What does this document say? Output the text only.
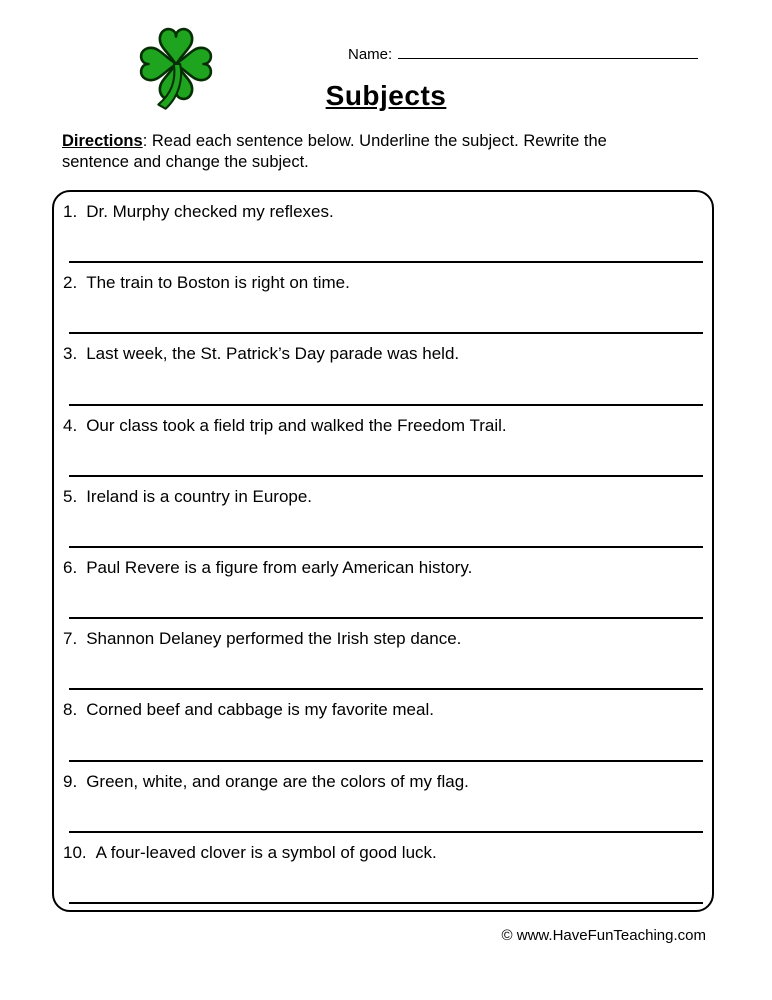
Name:
Subjects
Directions: Read each sentence below. Underline the subject. Rewrite the sentence and change the subject.
1. Dr. Murphy checked my reflexes.
2. The train to Boston is right on time.
3. Last week, the St. Patrick’s Day parade was held.
4. Our class took a field trip and walked the Freedom Trail.
5. Ireland is a country in Europe.
6. Paul Revere is a figure from early American history.
7. Shannon Delaney performed the Irish step dance.
8. Corned beef and cabbage is my favorite meal.
9. Green, white, and orange are the colors of my flag.
10. A four-leaved clover is a symbol of good luck.
© www.HaveFunTeaching.com
